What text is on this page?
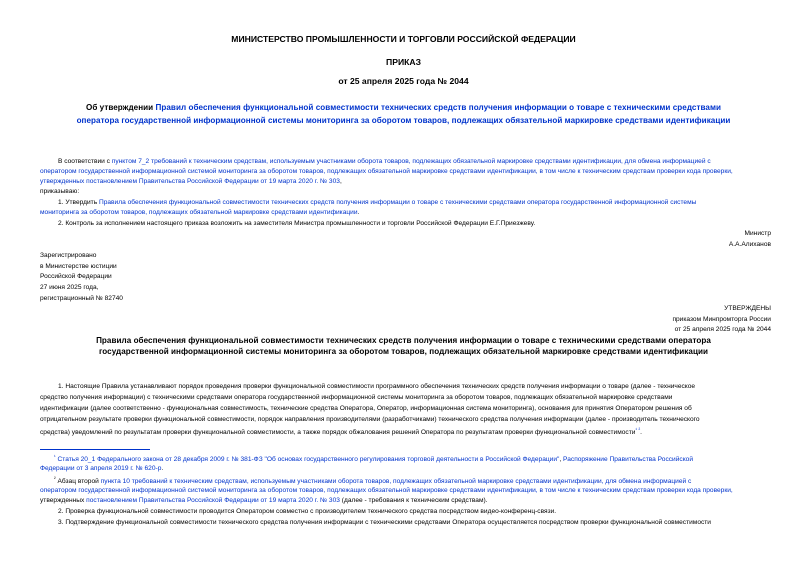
МИНИСТЕРСТВО ПРОМЫШЛЕННОСТИ И ТОРГОВЛИ РОССИЙСКОЙ ФЕДЕРАЦИИ
ПРИКАЗ
от 25 апреля 2025 года № 2044
Об утверждении Правил обеспечения функциональной совместимости технических средств получения информации о товаре с техническими средствами
оператора государственной информационной системы мониторинга за оборотом товаров, подлежащих обязательной маркировке средствами идентификации
В соответствии с пунктом 7_2 требований к техническим средствам, используемым участниками оборота товаров, подлежащих обязательной маркировке средствами идентификации, для обмена информацией с
оператором государственной информационной системой мониторинга за оборотом товаров, подлежащих обязательной маркировке средствами идентификации, в том числе к техническим средствам проверки кода проверки,
утвержденных постановлением Правительства Российской Федерации от 19 марта 2020 г. № 303,
приказываю:
1. Утвердить Правила обеспечения функциональной совместимости технических средств получения информации о товаре с техническими средствами оператора государственной информационной системы
мониторинга за оборотом товаров, подлежащих обязательной маркировке средствами идентификации.
2. Контроль за исполнением настоящего приказа возложить на заместителя Министра промышленности и торговли Российской Федерации Е.Г.Приезжеву.
Министр
А.А.Алиханов
Зарегистрировано
в Министерстве юстиции
Российской Федерации
27 июня 2025 года,
регистрационный № 82740
УТВЕРЖДЕНЫ
приказом Минпромторга России
от 25 апреля 2025 года № 2044
Правила обеспечения функциональной совместимости технических средств получения информации о товаре с техническими средствами оператора
государственной информационной системы мониторинга за оборотом товаров, подлежащих обязательной маркировке средствами идентификации
1. Настоящие Правила устанавливают порядок проведения проверки функциональной совместимости программного обеспечения технических средств получения информации о товаре (далее - техническое
средство получения информации) с техническими средствами оператора государственной информационной системы мониторинга за оборотом товаров, подлежащих обязательной маркировке средствами
идентификации (далее соответственно - функциональная совместимость, технические средства Оператора, Оператор, информационная система мониторинга), основания для принятия Оператором решения об
отрицательном результате проверки функциональной совместимости, порядок направления производителями (разработчиками) технического средства получения информации (далее - производитель технического
средства) уведомлений по результатам проверки функциональной совместимости, а также порядок обжалования решений Оператора по результатам проверки функциональной совместимости$^{^1 ^2}$.
$^{^1}$ Статья 20_1 Федерального закона от 28 декабря 2009 г. № 381-ФЗ "Об основах государственного регулирования торговой деятельности в Российской Федерации", Распоряжение Правительства Российской
Федерации от 3 апреля 2019 г. № 620-р.
$^{^2}$ Абзац второй пункта 10 требований к техническим средствам, используемым участниками оборота товаров, подлежащих обязательной маркировке средствами идентификации, для обмена информацией с
оператором государственной информационной системой мониторинга за оборотом товаров, подлежащих обязательной маркировке средствами идентификации, в том числе к техническим средствам проверки кода проверки,
утвержденных постановлением Правительства Российской Федерации от 19 марта 2020 г. № 303 (далее - требования к техническим средствам).
2. Проверка функциональной совместимости проводится Оператором совместно с производителем технического средства посредством видео-конференц-связи.
3. Подтверждение функциональной совместимости технического средства получения информации с техническими средствами Оператора осуществляется посредством проверки функциональной совместимости
